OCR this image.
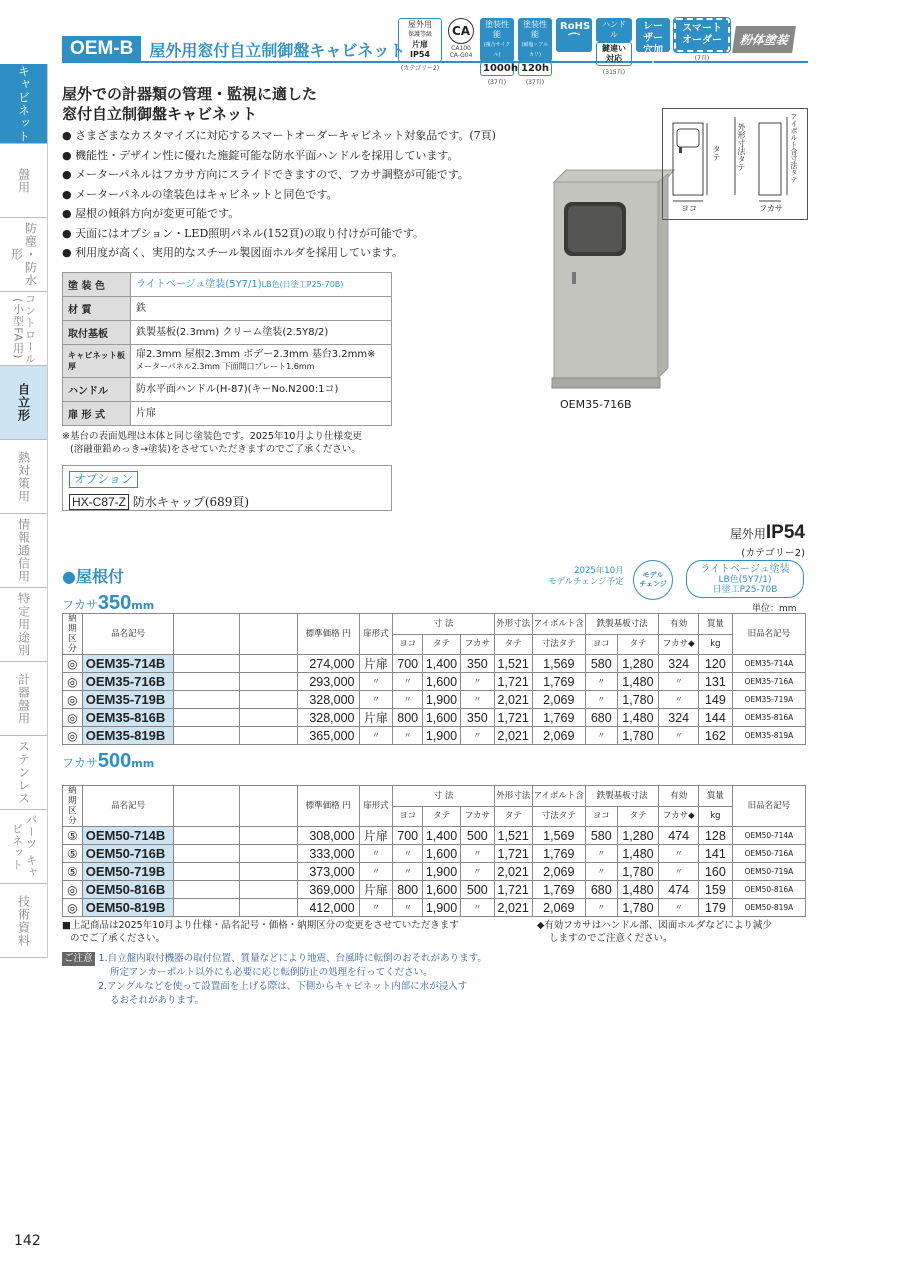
OEM-B	屋外用窓付自立制御盤キャビネット
屋外用
保護等級
片扉 IP54
(カテゴリー2)
CA
CA100 CA-G04
塗装性能
(複合サイクル)
1000h
(37頁)
塗装性能
(耐塩・アルカリ)
120h
(37頁)
RoHS
⌒
ハンドル
鍵違い
対応
(315頁)
レーザー 穴加工
スマート オーダー
(7頁)
粉体塗装
キャビネット
盤用
防塵・防水形
コントロール(小型FA用)
自立形
熱対策用
情報通信用
特定用途別
計器盤用
ステンレス
パーツ キャビネット
技術資料
屋外での計器類の管理・監視に適した
窓付自立制御盤キャビネット
● さまざまなカスタマイズに対応するスマートオーダーキャビネット対象品です。(7頁)
● 機能性・デザイン性に優れた施錠可能な防水平面ハンドルを採用しています。
● メーターパネルはフカサ方向にスライドできますので、フカサ調整が可能です。
● メーターパネルの塗装色はキャビネットと同色です。
● 屋根の傾斜方向が変更可能です。
● 天面にはオプション・LED照明パネル(152頁)の取り付けが可能です。
● 利用度が高く、実用的なスチール製図面ホルダを採用しています。
塗 装 色	ライトベージュ塗装(5Y7/1)LB色(日塗工P25-70B)
材 質	鉄
取付基板	鉄製基板(2.3mm) クリーム塗装(2.5Y8/2)
キャビネット板厚	扉2.3mm 屋根2.3mm ボデー2.3mm 基台3.2mm※
メーターパネル2.3mm 下面開口プレート1.6mm

ハンドル	防水平面ハンドル(H-87)(キーNo.N200:1コ)
扉 形 式	片扉
※基台の表面処理は本体と同じ塗装色です。2025年10月より仕様変更
(溶融亜鉛めっき→塗装)をさせていただきますのでご了承ください。
オプション
HX-C87-Z 防水キャップ(689頁)
OEM35-716B
ヨコ
タテ 外形寸法タテ
フカサ
アイボルト含寸法タテ
屋外用IP54
(カテゴリー2)
●屋根付	2025年10月
モデルチェンジ予定
モデル
チェンジ
ライトベージュ塗装
LB色(5Y7/1)
日塗工P25-70B
フカサ350mm	単位：mm
納期区分	品名記号			標準価格 円	扉形式	寸 法			外形寸法	アイボルト含	鉄製基板寸法		有効	質量	旧品名記号
						ヨコ	タテ	フカサ	タテ	寸法タテ	ヨコ	タテ	フカサ◆	kg	
◎	OEM35-714B			274,000	片扉	700	1,400	350	1,521	1,569	580	1,280	324	120	OEM35-714A
◎	OEM35-716B			293,000	〃	〃	1,600	〃	1,721	1,769	〃	1,480	〃	131	OEM35-716A
◎	OEM35-719B			328,000	〃	〃	1,900	〃	2,021	2,069	〃	1,780	〃	149	OEM35-719A
◎	OEM35-816B			328,000	片扉	800	1,600	350	1,721	1,769	680	1,480	324	144	OEM35-816A
◎	OEM35-819B			365,000	〃	〃	1,900	〃	2,021	2,069	〃	1,780	〃	162	OEM35-819A
フカサ500mm
納期区分	品名記号			標準価格 円	扉形式	寸 法			外形寸法	アイボルト含	鉄製基板寸法		有効	質量	旧品名記号
						ヨコ	タテ	フカサ	タテ	寸法タテ	ヨコ	タテ	フカサ◆	kg	
⑤	OEM50-714B			308,000	片扉	700	1,400	500	1,521	1,569	580	1,280	474	128	OEM50-714A
⑤	OEM50-716B			333,000	〃	〃	1,600	〃	1,721	1,769	〃	1,480	〃	141	OEM50-716A
⑤	OEM50-719B			373,000	〃	〃	1,900	〃	2,021	2,069	〃	1,780	〃	160	OEM50-719A
◎	OEM50-816B			369,000	片扉	800	1,600	500	1,721	1,769	680	1,480	474	159	OEM50-816A
◎	OEM50-819B			412,000	〃	〃	1,900	〃	2,021	2,069	〃	1,780	〃	179	OEM50-819A
■上記商品は2025年10月より仕様・品名記号・価格・納期区分の変更をさせていただきます
のでご了承ください。
◆有効フカサはハンドル部、図面ホルダなどにより減少
しますのでご注意ください。
ご注意 1.自立盤内取付機器の取付位置、質量などにより地震、台風時に転倒のおそれがあります。
所定アンカーボルト以外にも必要に応じ転倒防止の処理を行ってください。
2.アングルなどを使って設置面を上げる際は、下側からキャビネット内部に水が浸入す
るおそれがあります。
142
